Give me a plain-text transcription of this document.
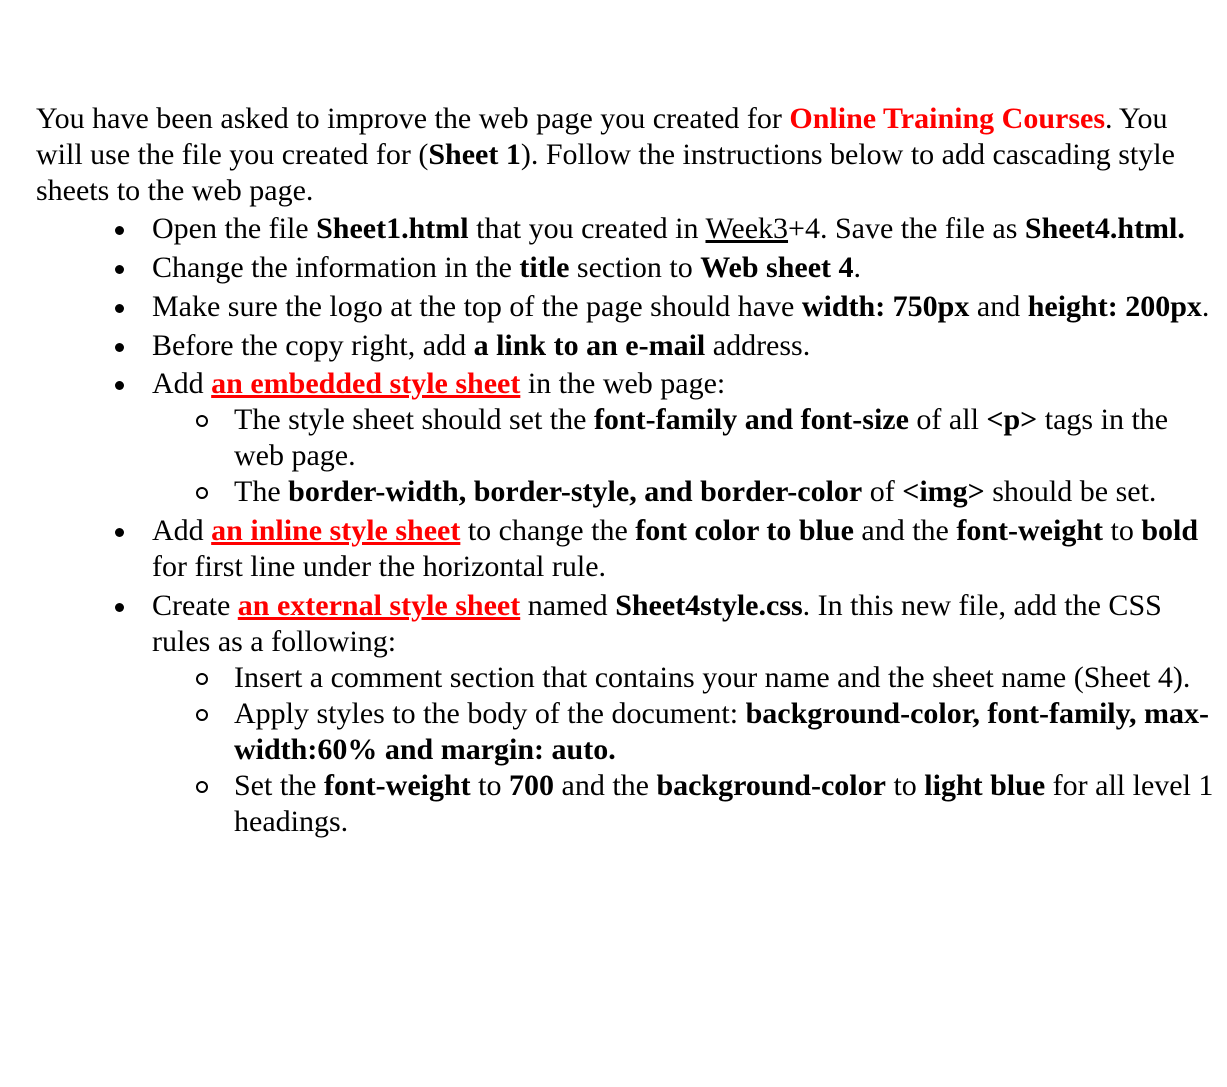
You have been asked to improve the web page you created for Online Training Courses. You will use the file you created for (Sheet 1). Follow the instructions below to add cascading style sheets to the web page.

Open the file Sheet1.html that you created in Week3+4. Save the file as Sheet4.html.
Change the information in the title section to Web sheet 4.
Make sure the logo at the top of the page should have width: 750px and height: 200px.
Before the copy right, add a link to an e-mail address.
Add an embedded style sheet in the web page:
The style sheet should set the font-family and font-size of all <p> tags in the web page.
The border-width, border-style, and border-color of <img> should be set.
Add an inline style sheet to change the font color to blue and the font-weight to bold for first line under the horizontal rule.
Create an external style sheet named Sheet4style.css. In this new file, add the CSS rules as a following:
Insert a comment section that contains your name and the sheet name (Sheet 4).
Apply styles to the body of the document: background-color, font-family, max-width:60% and margin: auto.
Set the font-weight to 700 and the background-color to light blue for all level 1 headings.
